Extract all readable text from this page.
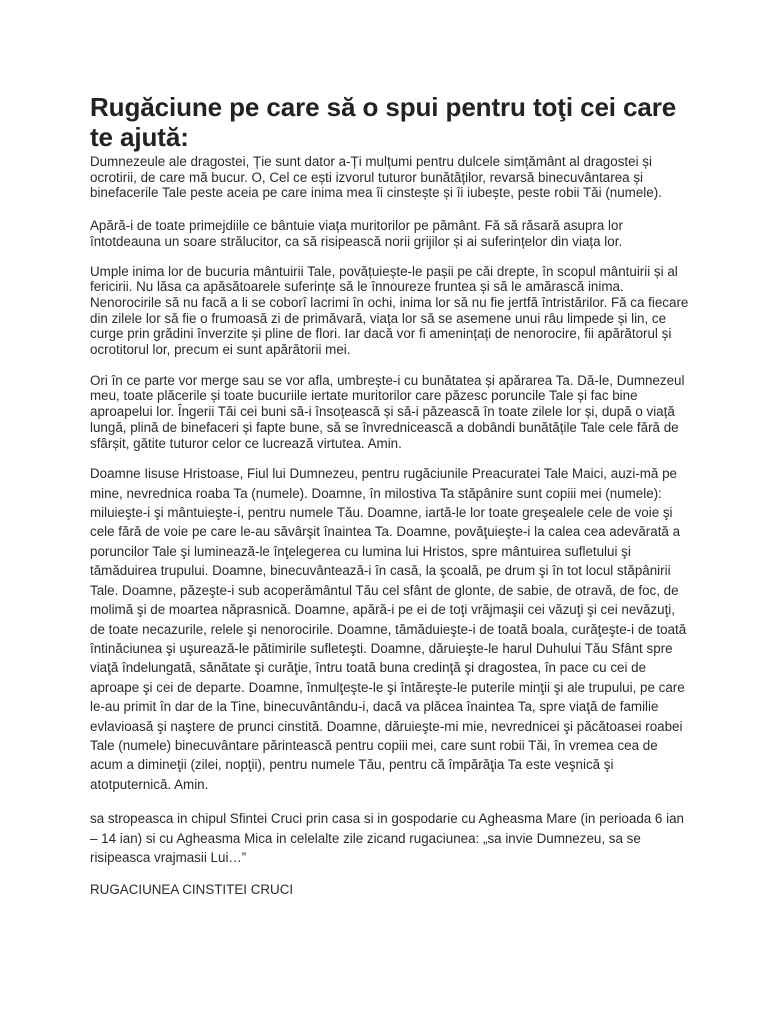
Rugăciune pe care să o spui pentru toţi cei care te ajută:

Dumnezeule ale dragostei, Ție sunt dator a-Ți mulțumi pentru dulcele simțământ al dragostei și ocrotirii, de care mă bucur. O, Cel ce ești izvorul tuturor bunătăților, revarsă binecuvântarea și binefacerile Tale peste aceia pe care inima mea îi cinstește și îi iubește, peste robii Tăi (numele).

Apără-i de toate primejdiile ce bântuie viața muritorilor pe pământ. Fă să răsară asupra lor întotdeauna un soare strălucitor, ca să risipească norii grijilor și ai suferințelor din viața lor.

Umple inima lor de bucuria mântuirii Tale, povățuiește-le pașii pe căi drepte, în scopul mântuirii și al fericirii. Nu lăsa ca apăsătoarele suferințe să le înnoureze fruntea și să le amărască inima. Nenorocirile să nu facă a li se coborî lacrimi în ochi, inima lor să nu fie jertfă întristărilor. Fă ca fiecare din zilele lor să fie o frumoasă zi de primăvară, viața lor să se asemene unui râu limpede și lin, ce curge prin grădini înverzite și pline de flori. Iar dacă vor fi amenințați de nenorocire, fii apărătorul și ocrotitorul lor, precum ei sunt apărătorii mei.

Ori în ce parte vor merge sau se vor afla, umbrește-i cu bunătatea și apărarea Ta. Dă-le, Dumnezeul meu, toate plăcerile și toate bucuriile iertate muritorilor care păzesc poruncile Tale și fac bine aproapelui lor. Îngerii Tăi cei buni să-i însoțească și să-i păzească în toate zilele lor și, după o viață lungă, plină de binefaceri și fapte bune, să se învrednicească a dobândi bunătățile Tale cele fără de sfârșit, gătite tuturor celor ce lucrează virtutea. Amin.

Doamne Iisuse Hristoase, Fiul lui Dumnezeu, pentru rugăciunile Preacuratei Tale Maici, auzi-mă pe mine, nevrednica roaba Ta (numele). Doamne, în milostiva Ta stăpânire sunt copiii mei (numele): miluieşte-i şi mântuieşte-i, pentru numele Tău. Doamne, iartă-le lor toate greşealele cele de voie şi cele fără de voie pe care le-au săvârşit înaintea Ta. Doamne, povăţuieşte-i la calea cea adevărată a poruncilor Tale şi luminează-le înţelegerea cu lumina lui Hristos, spre mântuirea sufletului şi tămăduirea trupului. Doamne, binecuvântează-i în casă, la şcoală, pe drum şi în tot locul stăpânirii Tale. Doamne, păzeşte-i sub acoperământul Tău cel sfânt de glonte, de sabie, de otravă, de foc, de molimă şi de moartea năprasnică. Doamne, apără-i pe ei de toţi vrăjmaşii cei văzuţi şi cei nevăzuţi, de toate necazurile, relele şi nenorocirile. Doamne, tămăduieşte-i de toată boala, curăţeşte-i de toată întinăciunea şi uşurează-le pătimirile sufleteşti. Doamne, dăruieşte-le harul Duhului Tău Sfânt spre viaţă îndelungată, sănătate şi curăţie, întru toată buna credinţă şi dragostea, în pace cu cei de aproape şi cei de departe. Doamne, înmulţeşte-le şi întăreşte-le puterile minţii şi ale trupului, pe care le-au primit în dar de la Tine, binecuvântându-i, dacă va plăcea înaintea Ta, spre viaţă de familie evlavioasă şi naştere de prunci cinstită. Doamne, dăruieşte-mi mie, nevrednicei şi păcătoasei roabei Tale (numele) binecuvântare părintească pentru copiii mei, care sunt robii Tăi, în vremea cea de acum a dimineţii (zilei, nopţii), pentru numele Tău, pentru că împărăţia Ta este veşnică şi atotputernică. Amin.

sa stropeasca in chipul Sfintei Cruci prin casa si in gospodarie cu Agheasma Mare (in perioada 6 ian – 14 ian) si cu Agheasma Mica in celelalte zile zicand rugaciunea: „sa invie Dumnezeu, sa se risipeasca vrajmasii Lui…”

RUGACIUNEA CINSTITEI CRUCI
